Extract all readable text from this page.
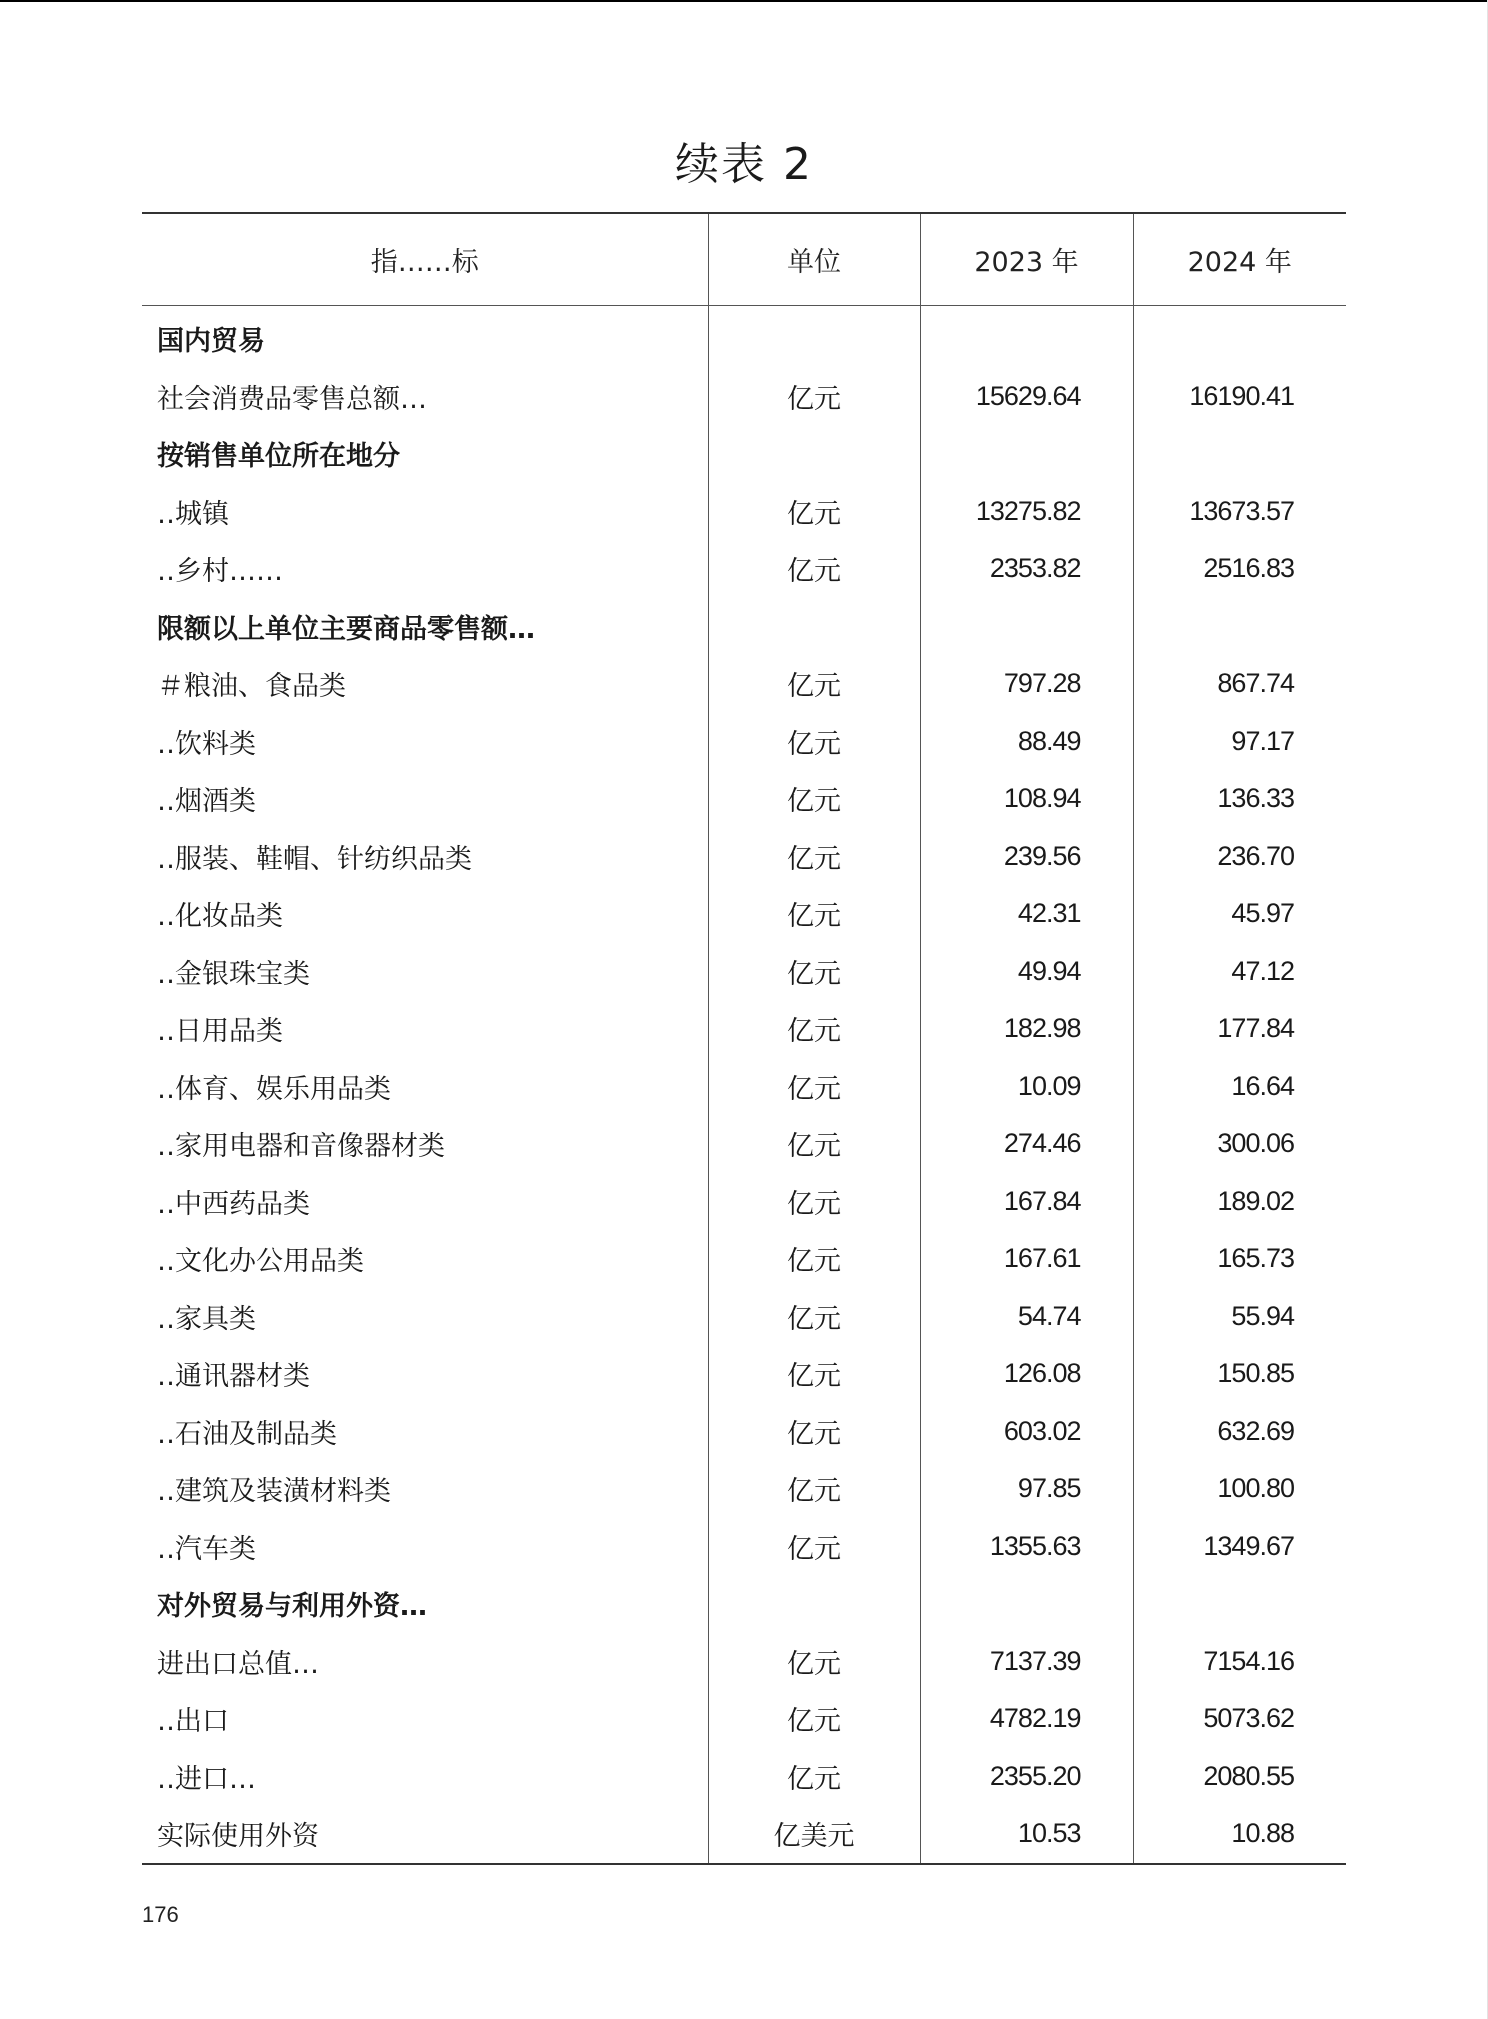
续表 2
指……标	单位	2023 年	2024 年
国内贸易			
社会消费品零售总额…	亿元	15629.64	16190.41
按销售单位所在地分			
‥城镇	亿元	13275.82	13673.57
‥乡村……	亿元	2353.82	2516.83
限额以上单位主要商品零售额…			
＃粮油、食品类	亿元	797.28	867.74
‥饮料类	亿元	88.49	97.17
‥烟酒类	亿元	108.94	136.33
‥服装、鞋帽、针纺织品类	亿元	239.56	236.70
‥化妆品类	亿元	42.31	45.97
‥金银珠宝类	亿元	49.94	47.12
‥日用品类	亿元	182.98	177.84
‥体育、娱乐用品类	亿元	10.09	16.64
‥家用电器和音像器材类	亿元	274.46	300.06
‥中西药品类	亿元	167.84	189.02
‥文化办公用品类	亿元	167.61	165.73
‥家具类	亿元	54.74	55.94
‥通讯器材类	亿元	126.08	150.85
‥石油及制品类	亿元	603.02	632.69
‥建筑及装潢材料类	亿元	97.85	100.80
‥汽车类	亿元	1355.63	1349.67
对外贸易与利用外资…			
进出口总值…	亿元	7137.39	7154.16
‥出口	亿元	4782.19	5073.62
‥进口…	亿元	2355.20	2080.55
实际使用外资	亿美元	10.53	10.88
176
